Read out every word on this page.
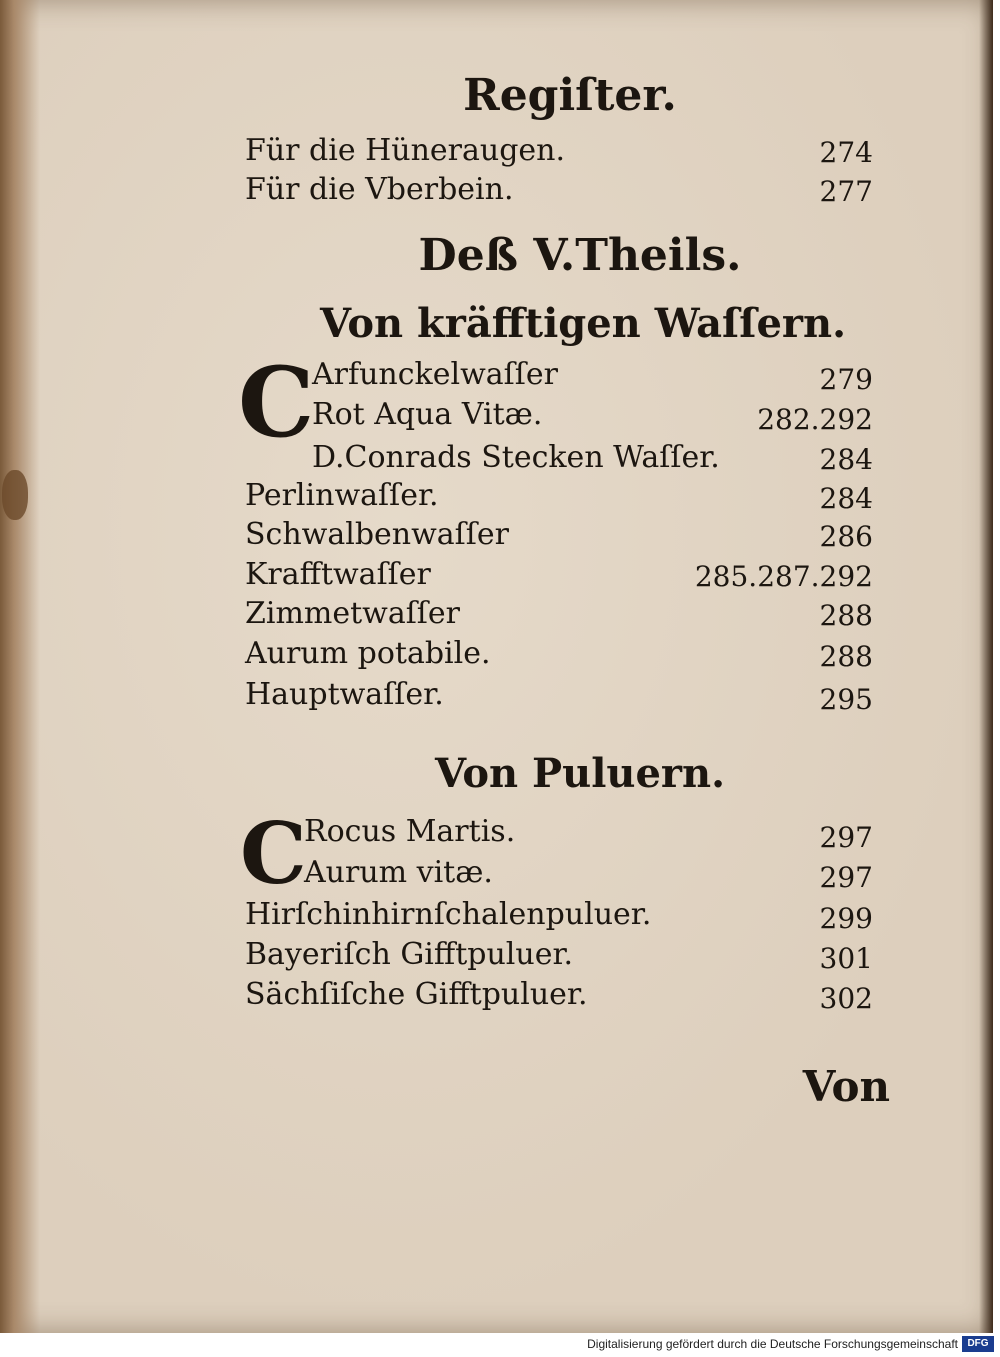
Regiſter.
Für die Hüneraugen.	274
Für die Vberbein.	277
Deß V.Theils.
Von kräfftigen Waſſern.
C
Arfunckelwaſſer	279
Rot Aqua Vitæ.	282.292
D.Conrads Stecken Waſſer.	284
Perlinwaſſer.	284
Schwalbenwaſſer	286
Krafftwaſſer	285.287.292
Zimmetwaſſer	288
Aurum potabile.	288
Hauptwaſſer.	295
Von Puluern.
C
Rocus Martis.	297
Aurum vitæ.	297
Hirſchinhirnſchalenpuluer.	299
Bayeriſch Gifftpuluer.	301
Sächſiſche Gifftpuluer.	302
Von
Digitalisierung gefördert durch die Deutsche Forschungsgemeinschaft DFG
